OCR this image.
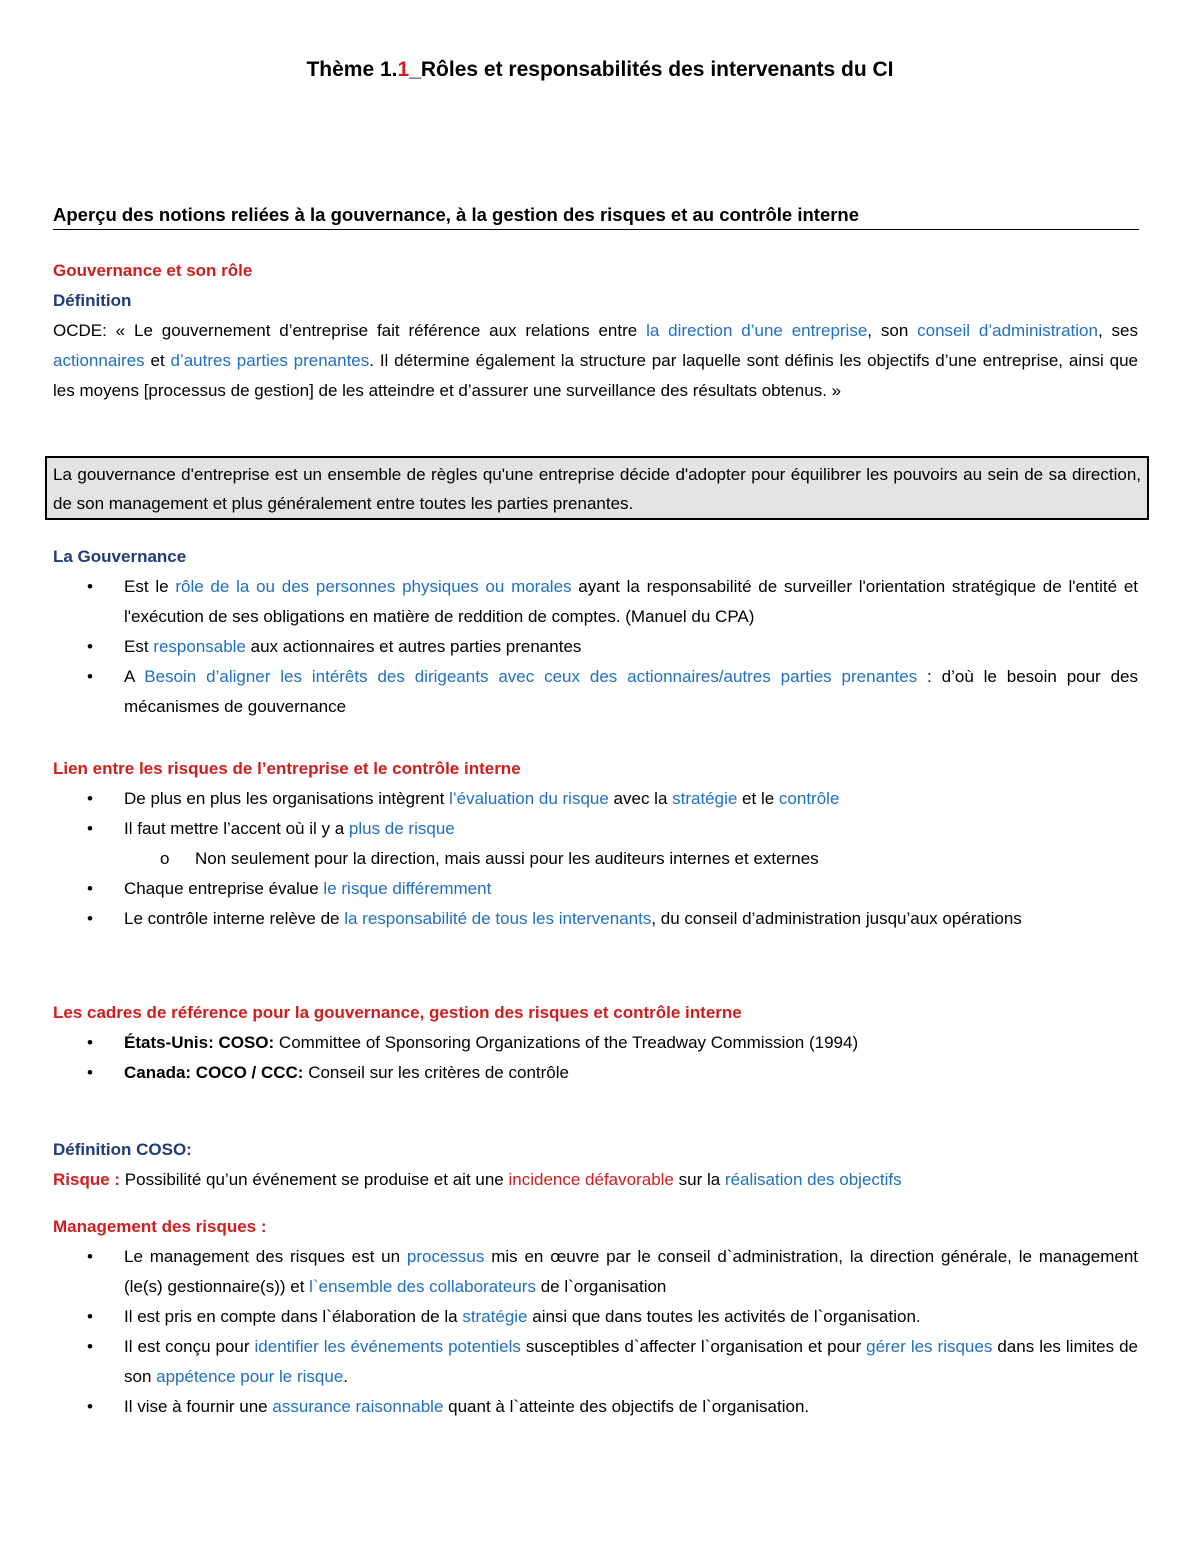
Thème 1.1_Rôles et responsabilités des intervenants du CI
Aperçu des notions reliées à la gouvernance, à la gestion des risques et au contrôle interne
Gouvernance et son rôle
Définition
OCDE: « Le gouvernement d’entreprise fait référence aux relations entre la direction d’une entreprise, son conseil d’administration, ses actionnaires et d’autres parties prenantes. Il détermine également la structure par laquelle sont définis les objectifs d’une entreprise, ainsi que les moyens [processus de gestion] de les atteindre et d’assurer une surveillance des résultats obtenus. »
La gouvernance d'entreprise est un ensemble de règles qu'une entreprise décide d'adopter pour équilibrer les pouvoirs au sein de sa direction, de son management et plus généralement entre toutes les parties prenantes.
La Gouvernance
• Est le rôle de la ou des personnes physiques ou morales ayant la responsabilité de surveiller l'orientation stratégique de l'entité et l'exécution de ses obligations en matière de reddition de comptes. (Manuel du CPA)
• Est responsable aux actionnaires et autres parties prenantes
• A Besoin d’aligner les intérêts des dirigeants avec ceux des actionnaires/autres parties prenantes : d’où le besoin pour des mécanismes de gouvernance
Lien entre les risques de l’entreprise et le contrôle interne
• De plus en plus les organisations intègrent l’évaluation du risque avec la stratégie et le contrôle
• Il faut mettre l’accent où il y a plus de risque
o Non seulement pour la direction, mais aussi pour les auditeurs internes et externes
• Chaque entreprise évalue le risque différemment
• Le contrôle interne relève de la responsabilité de tous les intervenants, du conseil d’administration jusqu’aux opérations
Les cadres de référence pour la gouvernance, gestion des risques et contrôle interne
• États-Unis: COSO: Committee of Sponsoring Organizations of the Treadway Commission (1994)
• Canada: COCO / CCC: Conseil sur les critères de contrôle
Définition COSO:
Risque : Possibilité qu’un événement se produise et ait une incidence défavorable sur la réalisation des objectifs
Management des risques :
• Le management des risques est un processus mis en œuvre par le conseil d`administration, la direction générale, le management (le(s) gestionnaire(s)) et l`ensemble des collaborateurs de l`organisation
• Il est pris en compte dans l`élaboration de la stratégie ainsi que dans toutes les activités de l`organisation.
• Il est conçu pour identifier les événements potentiels susceptibles d`affecter l`organisation et pour gérer les risques dans les limites de son appétence pour le risque.
• Il vise à fournir une assurance raisonnable quant à l`atteinte des objectifs de l`organisation.
